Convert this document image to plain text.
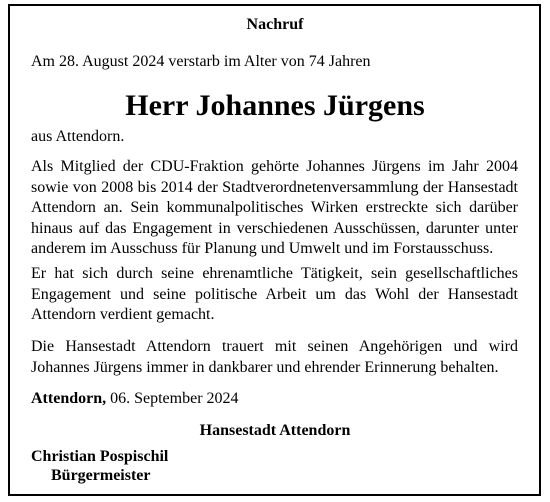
Nachruf
Am 28. August 2024 verstarb im Alter von 74 Jahren
Herr Johannes Jürgens
aus Attendorn.

Als Mitglied der CDU-Fraktion gehörte Johannes Jürgens im Jahr 2004 sowie von 2008 bis 2014 der Stadtverordnetenversammlung der Hansestadt Attendorn an. Sein kommunalpolitisches Wirken erstreckte sich darüber hinaus auf das Engagement in verschiedenen Ausschüssen, darunter unter anderem im Ausschuss für Planung und Umwelt und im Forstausschuss.

Er hat sich durch seine ehrenamtliche Tätigkeit, sein gesellschaftliches Engagement und seine politische Arbeit um das Wohl der Hansestadt Attendorn verdient gemacht.

Die Hansestadt Attendorn trauert mit seinen Angehörigen und wird Johannes Jürgens immer in dankbarer und ehrender Erinnerung behalten.

Attendorn, 06. September 2024
Hansestadt Attendorn
Christian Pospischil
Bürgermeister
